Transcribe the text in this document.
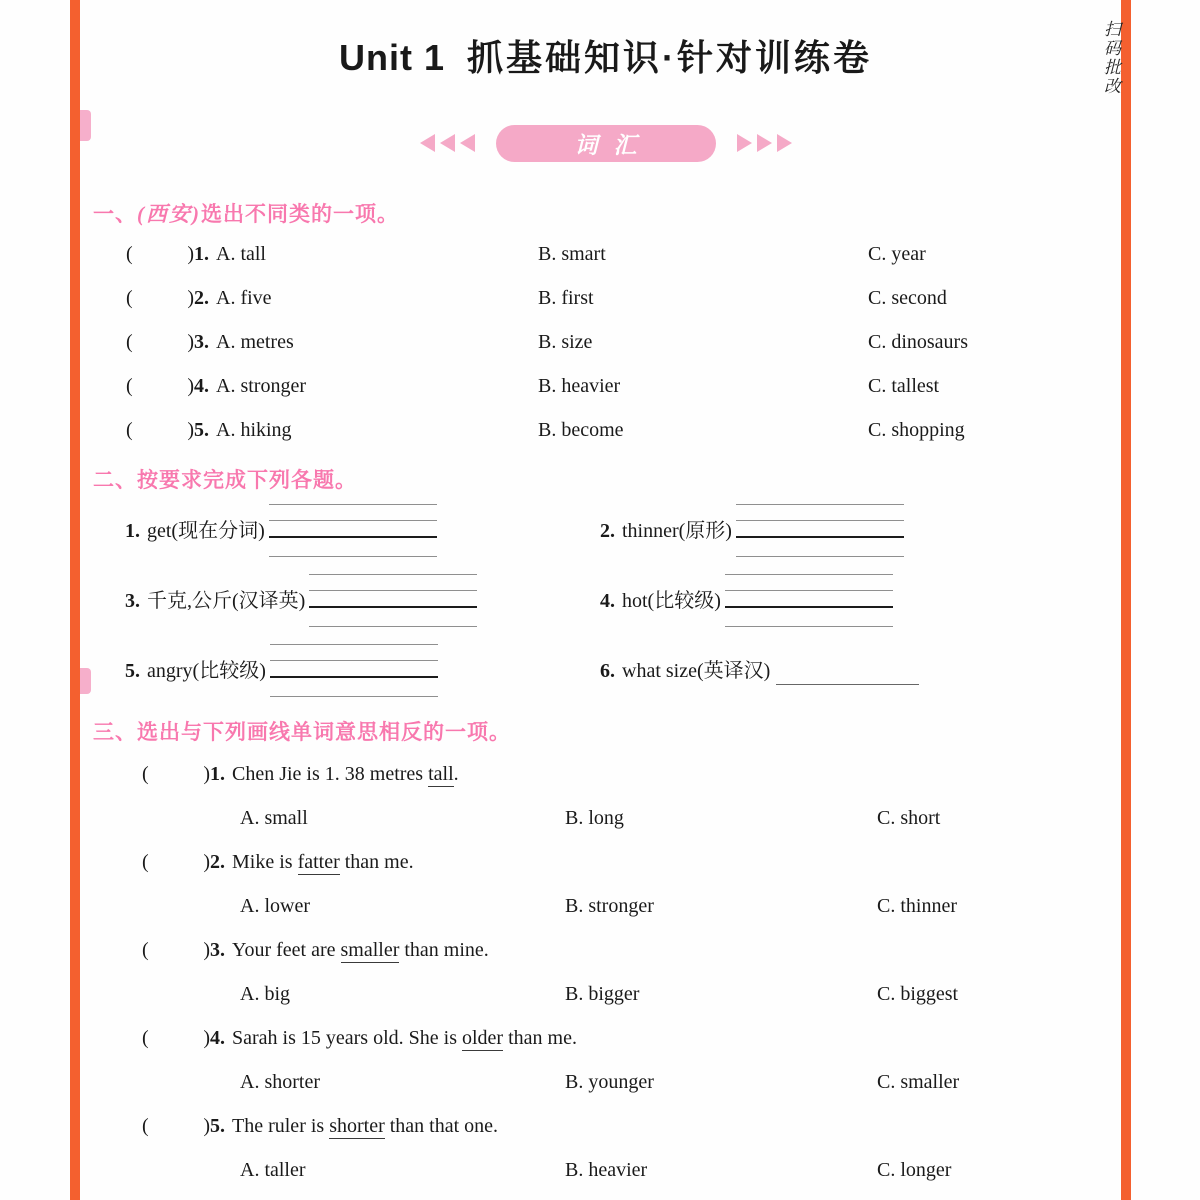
扫码批改
Unit 1 抓基础知识·针对训练卷
词汇
一、(西安)选出不同类的一项。
(	) 1. A. tall	B. smart	C. year
(	) 2. A. five	B. first	C. second
(	) 3. A. metres	B. size	C. dinosaurs
(	) 4. A. stronger	B. heavier	C. tallest
(	) 5. A. hiking	B. become	C. shopping
二、按要求完成下列各题。
1. get(现在分词)	2. thinner(原形)
3. 千克,公斤(汉译英)	4. hot(比较级)
5. angry(比较级)	6. what size(英译汉)
三、选出与下列画线单词意思相反的一项。
(	) 1. Chen Jie is 1. 38 metres tall.
A. small	B. long	C. short
(	) 2. Mike is fatter than me.
A. lower	B. stronger	C. thinner
(	) 3. Your feet are smaller than mine.
A. big	B. bigger	C. biggest
(	) 4. Sarah is 15 years old. She is older than me.
A. shorter	B. younger	C. smaller
(	) 5. The ruler is shorter than that one.
A. taller	B. heavier	C. longer
